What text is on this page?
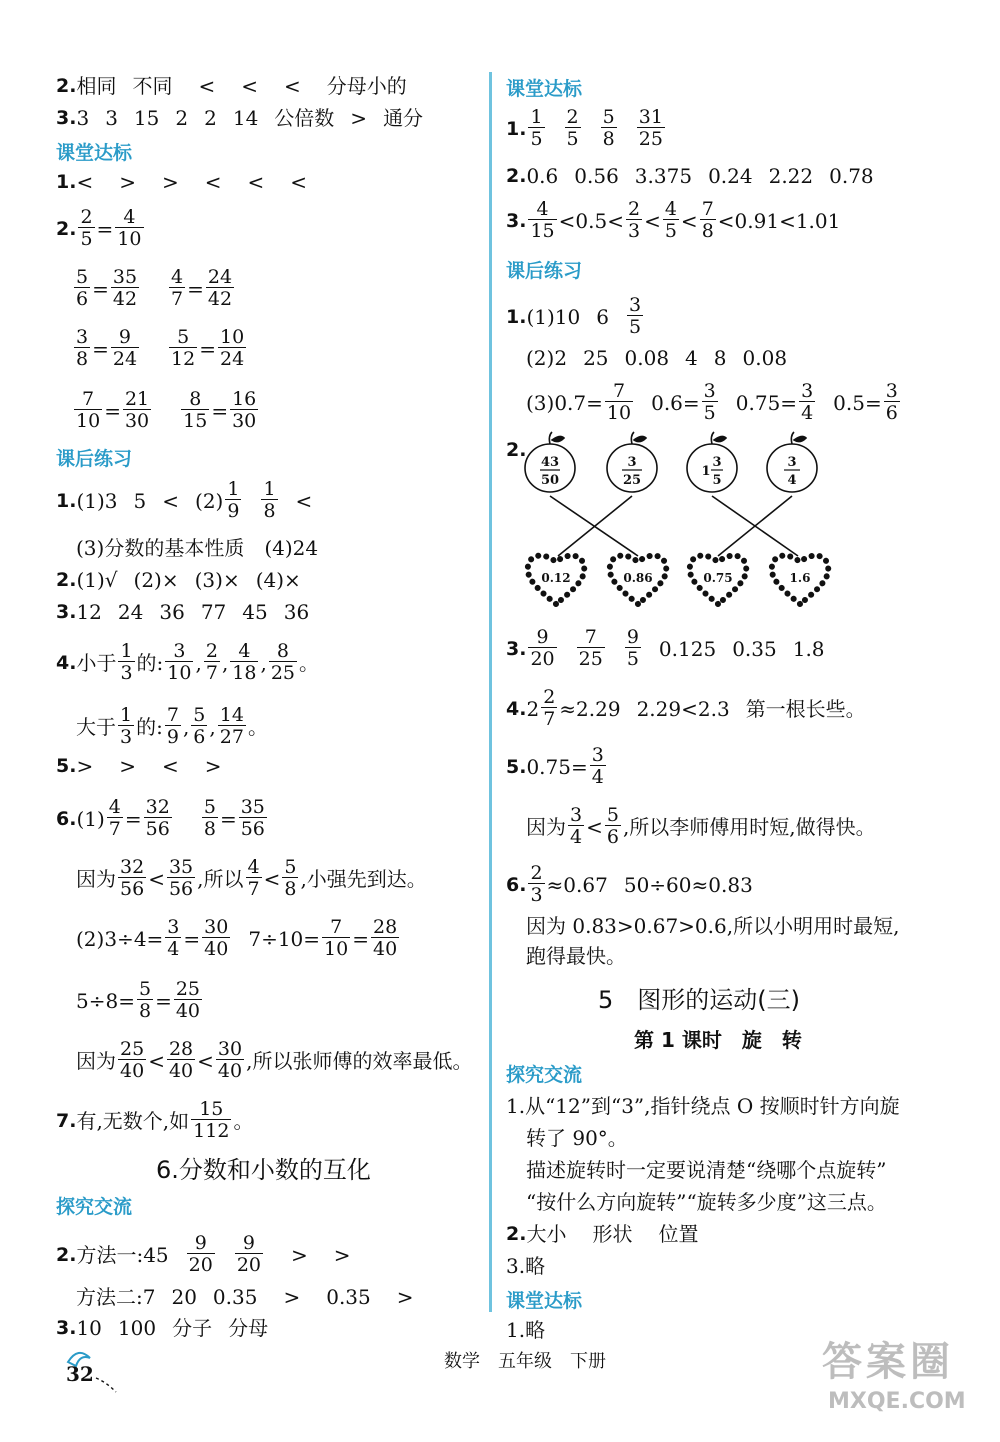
2. 相同 不同 < < < 分母小的
3. 3 3 15 2 2 14 公倍数 > 通分
课堂达标
1. < > > < < <
2. $\frac{2}{5} = \frac{4}{10}$
$\frac{5}{6} = \frac{35}{42} \frac{4}{7} = \frac{24}{42}$
$\frac{3}{8} = \frac{9}{24} \frac{5}{12} = \frac{10}{24}$
$\frac{7}{10} = \frac{21}{30} \frac{8}{15} = \frac{16}{30}$
课后练习
1. (1)3 $5 < (2) \frac{1}{9} \frac{1}{8}$ <
(3)分数的基本性质　(4)24
2. (1)√ (2)× (3)× (4)×
3. 12 24 36 77 45 36
4. 小于 $\frac{1}{3}$ 的: $\frac{3}{10}$ , $\frac{2}{7}$ , $\frac{4}{18}$ , $\frac{8}{25}$ 。
大于 $\frac{1}{3}$ 的: $\frac{7}{9}$ , $\frac{5}{6}$ , $\frac{14}{27}$ 。
5. > > < >
6. $(1) \frac{4}{7} = \frac{32}{56} \frac{5}{8} = \frac{35}{56}$
因为 $\frac{32}{56} < \frac{35}{56}$ ,所以 $\frac{4}{7} < \frac{5}{8}$ ,小强先到达。
$(2)3\div 4= \frac{3}{4} = \frac{30}{40} 7\div 10= \frac{7}{10} = \frac{28}{40}$
$5\div 8= \frac{5}{8} = \frac{25}{40}$
因为 $\frac{25}{40} < \frac{28}{40} < \frac{30}{40}$ ,所以张师傅的效率最低。
7. 有,无数个,如 $\frac{15}{112}$ 。
6.分数和小数的互化
探究交流
2. 方法一:45 $\frac{9}{20} \frac{9}{20}$ > >
方法二:7 20 0.35 > 0.35 >
3. 10 100 分子 分母
课堂达标
1. $\frac{1}{5} \frac{2}{5} \frac{5}{8} \frac{31}{25}$
2. 0.6 0.56 3.375 0.24 2.22 0.78
3. $\frac{4}{15} <0.5< \frac{2}{3} < \frac{4}{5} < \frac{7}{8} <0.91<1.01$
课后练习
1. (1)10 $6 \frac{3}{5}$
(2)2 25 0.08 4 8 0.08
$(3)0.7= \frac{7}{10} 0.6= \frac{3}{5} 0.75= \frac{3}{4} 0.5= \frac{3}{6}$
2.
43
50
3
25
1
3
5
3
4
0.12	0.86	0.75	1.6
3. $\frac{9}{20} \frac{7}{25} \frac{9}{5} 0.125$ 0.35 1.8
4. $2 \frac{2}{7} \approx 2.29$ 2.29<2.3 第一根长些。
5. $0.75= \frac{3}{4}$
因为 $\frac{3}{4} < \frac{5}{6}$ ,所以李师傅用时短,做得快。
6. $\frac{2}{3} \approx 0.67$ 50÷60≈0.83
因为 0.83>0.67>0.6,所以小明用时最短,
跑得最快。
5　图形的运动(三)
第 1 课时　旋　转
探究交流
1.从“12”到“3”,指针绕点 O 按顺时针方向旋
转了 90°。
描述旋转时一定要说清楚“绕哪个点旋转”
“按什么方向旋转”“旋转多少度”这三点。
2. 大小 形状 位置
3.略
课堂达标
1.略
数学　五年级　下册
32	答案圈
MXQE.COM
